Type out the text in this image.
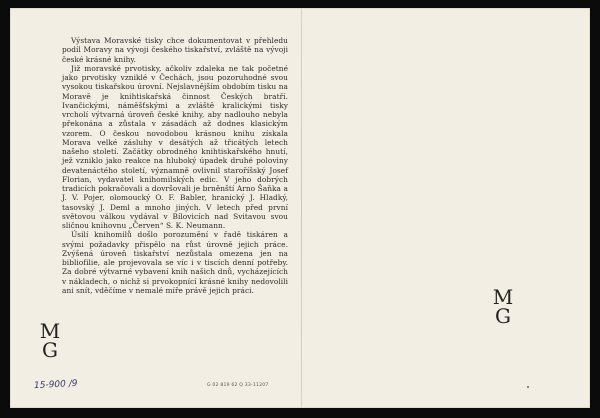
Výstava Moravské tisky chce dokumentovat v přehledu podíl Moravy na vývoji českého tiskařství, zvláště na vývoji české krásné knihy.

Již moravské prvotisky, ačkoliv zdaleka ne tak početné jako prvotisky vzniklé v Čechách, jsou pozoruhodné svou vysokou tiskařskou úrovní. Nejslavnějším obdobím tisku na Moravě je knihtiskařská činnost Českých bratří. Ivančickými, náměšťskými a zvláště kralickými tisky vrcholí výtvarná úroveň české knihy, aby nadlouho nebyla překonána a zůstala v zásadách až dodnes klasickým vzorem. O českou novodobou krásnou knihu získala Morava velké zásluhy v desátých až třicátých letech našeho století. Začátky obrodného knihtiskařského hnutí, jež vzniklo jako reakce na hluboký úpadek druhé poloviny devatenáctého století, významně ovlivnil staroříšský Josef Florian, vydavatel knihomilských edic. V jeho dobrých tradicích pokračovali a dovršovali je brněnští Arno Šaňka a J. V. Pojer, olomoucký O. F. Babler, hranický J. Hladký, tasovský J. Deml a mnoho jiných. V letech před první světovou válkou vydával v Bílovicích nad Svitavou svou sličnou knihovnu „Červen“ S. K. Neumann.

Úsilí knihomilů došlo porozumění v řadě tiskáren a svými požadavky přispělo na růst úrovně jejich práce. Zvýšená úroveň tiskařství nezůstala omezena jen na bibliofilie, ale projevovala se víc i v tiscích denní potřeby. Za dobré výtvarné vybavení knih našich dnů, vycházejících v nákladech, o nichž si prvokopnící krásné knihy nedovolili ani snít, vděčíme v nemalé míře právě jejich práci.

M
G
M
G
15-900 /9	G 02 819 62 Q 33-11207
